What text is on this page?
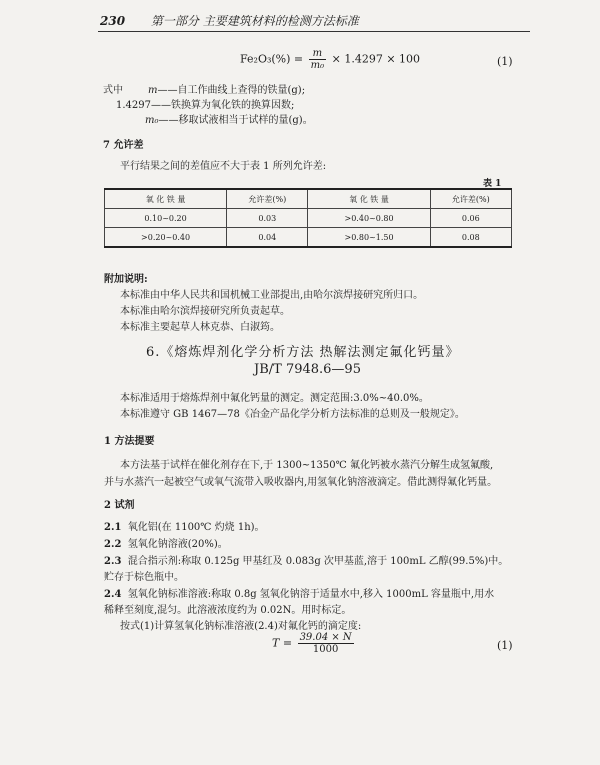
230 第一部分 主要建筑材料的检测方法标准
$Fe_2O_3(\%) = \frac{m}{\text{m₀}} \times 1.4297 \times 100$	(1)
式中	m——自工作曲线上查得的铁量(g);
1.4297——铁换算为氧化铁的换算因数;
m₀——移取试液相当于试样的量(g)。
7 允许差
平行结果之间的差值应不大于表 1 所列允许差:
表 1
氧 化 铁 量	允许差(%)	氧 化 铁 量	允许差(%)
0.10~0.20	0.03	>0.40~0.80	0.06
>0.20~0.40	0.04	>0.80~1.50	0.08
附加说明:
本标准由中华人民共和国机械工业部提出,由哈尔滨焊接研究所归口。
本标准由哈尔滨焊接研究所负责起草。
本标准主要起草人林克恭、白淑筠。
6.《熔炼焊剂化学分析方法 热解法测定氟化钙量》
JB/T 7948.6—95
本标准适用于熔炼焊剂中氟化钙量的测定。测定范围:3.0%~40.0%。
本标准遵守 GB 1467—78《冶金产品化学分析方法标准的总则及一般规定》。
1 方法提要
本方法基于试样在催化剂存在下,于 1300~1350℃ 氟化钙被水蒸汽分解生成氢氟酸,
并与水蒸汽一起被空气或氧气流带入吸收器内,用氢氧化钠溶液滴定。借此测得氟化钙量。
2 试剂
2.1 氧化铝(在 1100℃ 灼烧 1h)。
2.2 氢氧化钠溶液(20%)。
2.3 混合指示剂:称取 0.125g 甲基红及 0.083g 次甲基蓝,溶于 100mL 乙醇(99.5%)中。
贮存于棕色瓶中。
2.4 氢氧化钠标准溶液:称取 0.8g 氢氧化钠溶于适量水中,移入 1000mL 容量瓶中,用水
稀释至刻度,混匀。此溶液浓度约为 0.02N。用时标定。
按式(1)计算氢氧化钠标准溶液(2.4)对氟化钙的滴定度:
$T = \frac{39.04 \times N}{1000}$	(1)
